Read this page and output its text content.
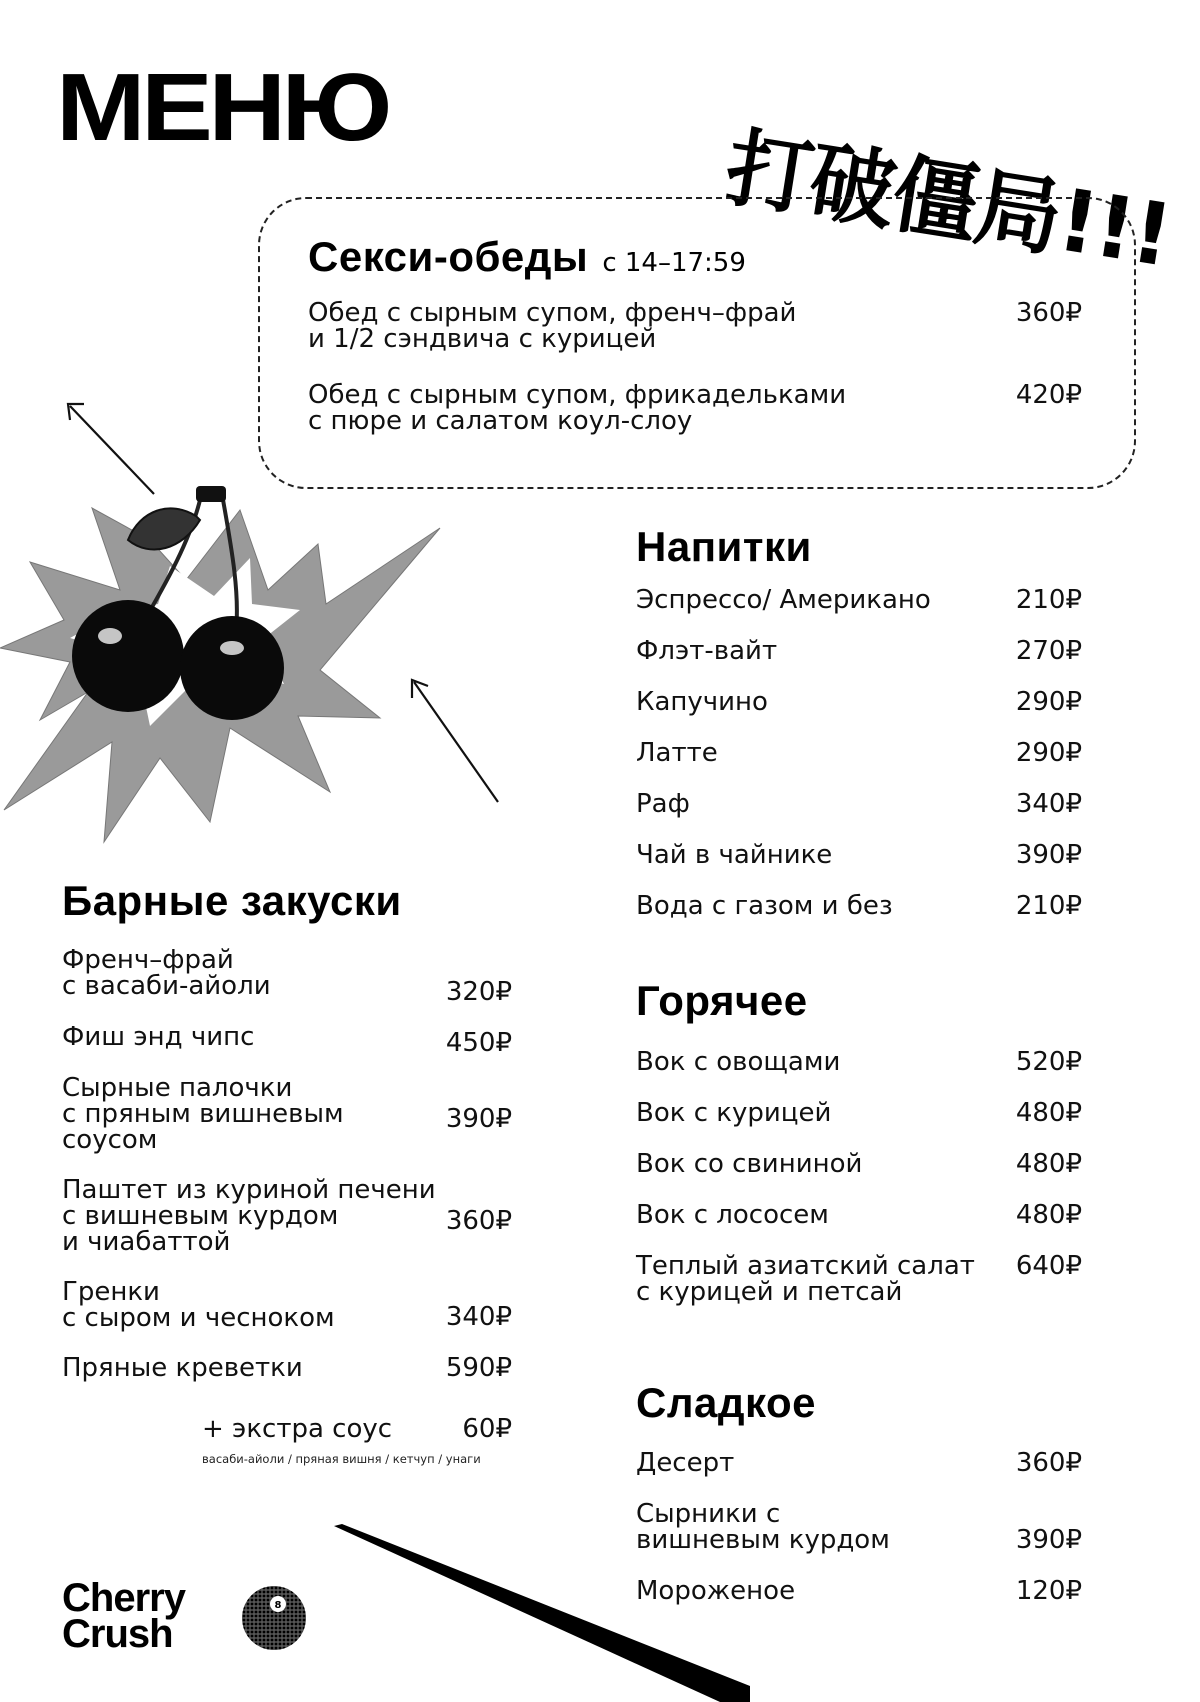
МЕНЮ
打破僵局!!!
Секси-обеды с 14–17:59
Обед с сырным супом, френч–фрай
и 1/2 сэндвича с курицей
360₽
Обед с сырным супом, фрикадельками
с пюре и салатом коул-слоу
420₽
Напитки
Эспрессо/ Американо	210₽
Флэт-вайт	270₽
Капучино	290₽
Латте	290₽
Раф	340₽
Чай в чайнике	390₽
Вода с газом и без	210₽
Горячее
Вок с овощами	520₽
Вок с курицей	480₽
Вок со свининой	480₽
Вок с лососем	480₽
Теплый азиатский салат
с курицей и петсай
640₽
Сладкое
Десерт	360₽
Сырники с
вишневым курдом	390₽
Мороженое	120₽
Барные закуски
Френч–фрай
с васаби-айоли	320₽
Фиш энд чипс	450₽
Сырные палочки
с пряным вишневым
соусом
390₽
Паштет из куриной печени
с вишневым курдом
и чиабаттой
360₽
Гренки
с сыром и чесноком	340₽
Пряные креветки	590₽
+ экстра соус	60₽
васаби-айоли / пряная вишня / кетчуп / унаги
Cherry
Crush
8
